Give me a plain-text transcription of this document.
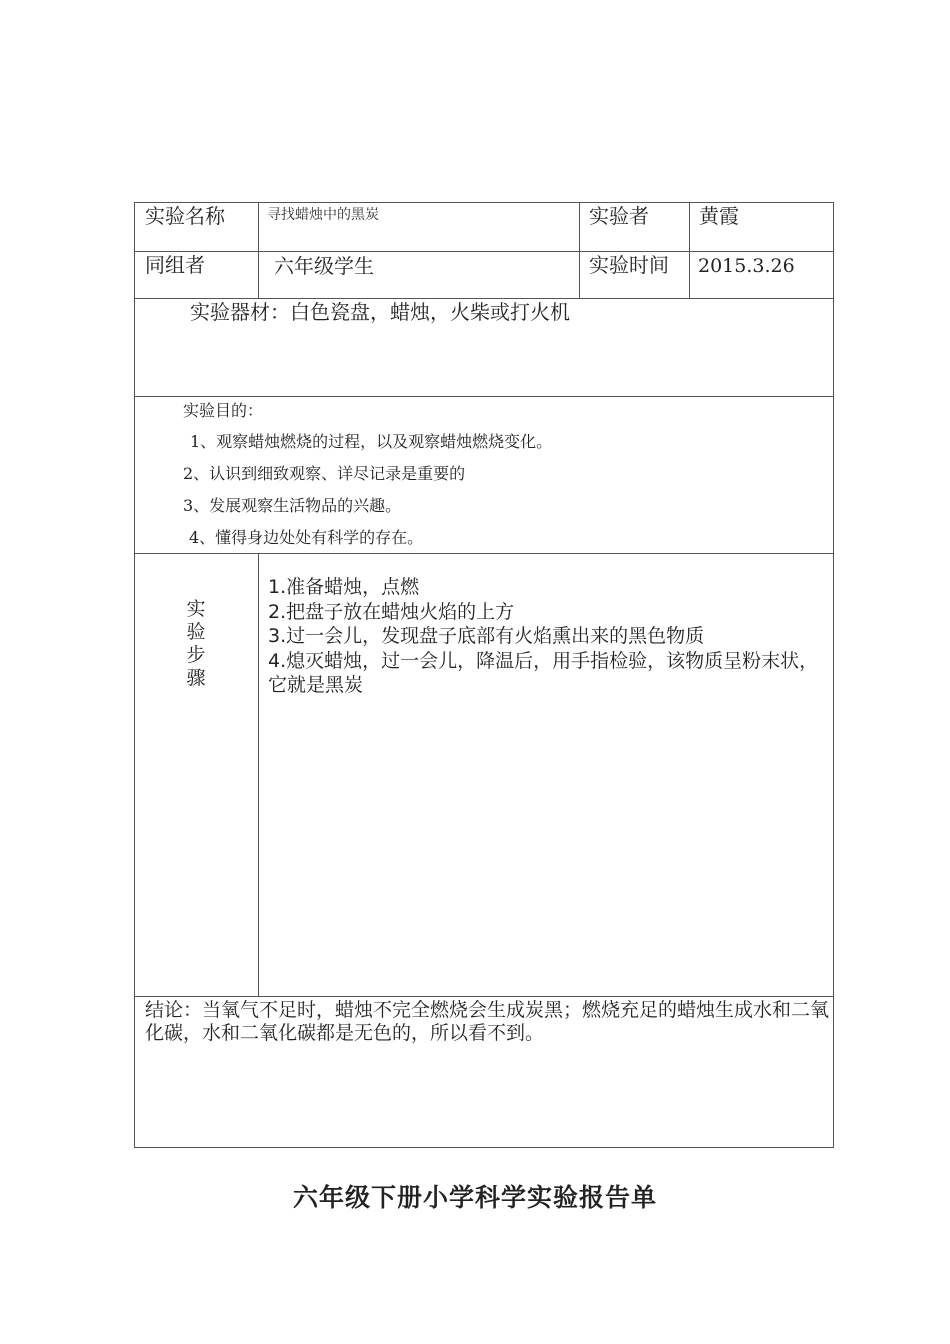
实验名称	寻找蜡烛中的黑炭	实验者	黄霞
同组者	六年级学生	实验时间 2015.3.26
实验器材：白色瓷盘，蜡烛，火柴或打火机

实验目的：

1、观察蜡烛燃烧的过程，以及观察蜡烛燃烧变化。

2、认识到细致观察、详尽记录是重要的

3、发展观察生活物品的兴趣。

4、懂得身边处处有科学的存在。

实验步骤
1.准备蜡烛，点燃
2.把盘子放在蜡烛火焰的上方
3.过一会儿，发现盘子底部有火焰熏出来的黑色物质
4.熄灭蜡烛，过一会儿，降温后，用手指检验，该物质呈粉末状，它就是黑炭
结论：当氧气不足时，蜡烛不完全燃烧会生成炭黑；燃烧充足的蜡烛生成水和二氧化碳，水和二氧化碳都是无色的，所以看不到。
六年级下册小学科学实验报告单
